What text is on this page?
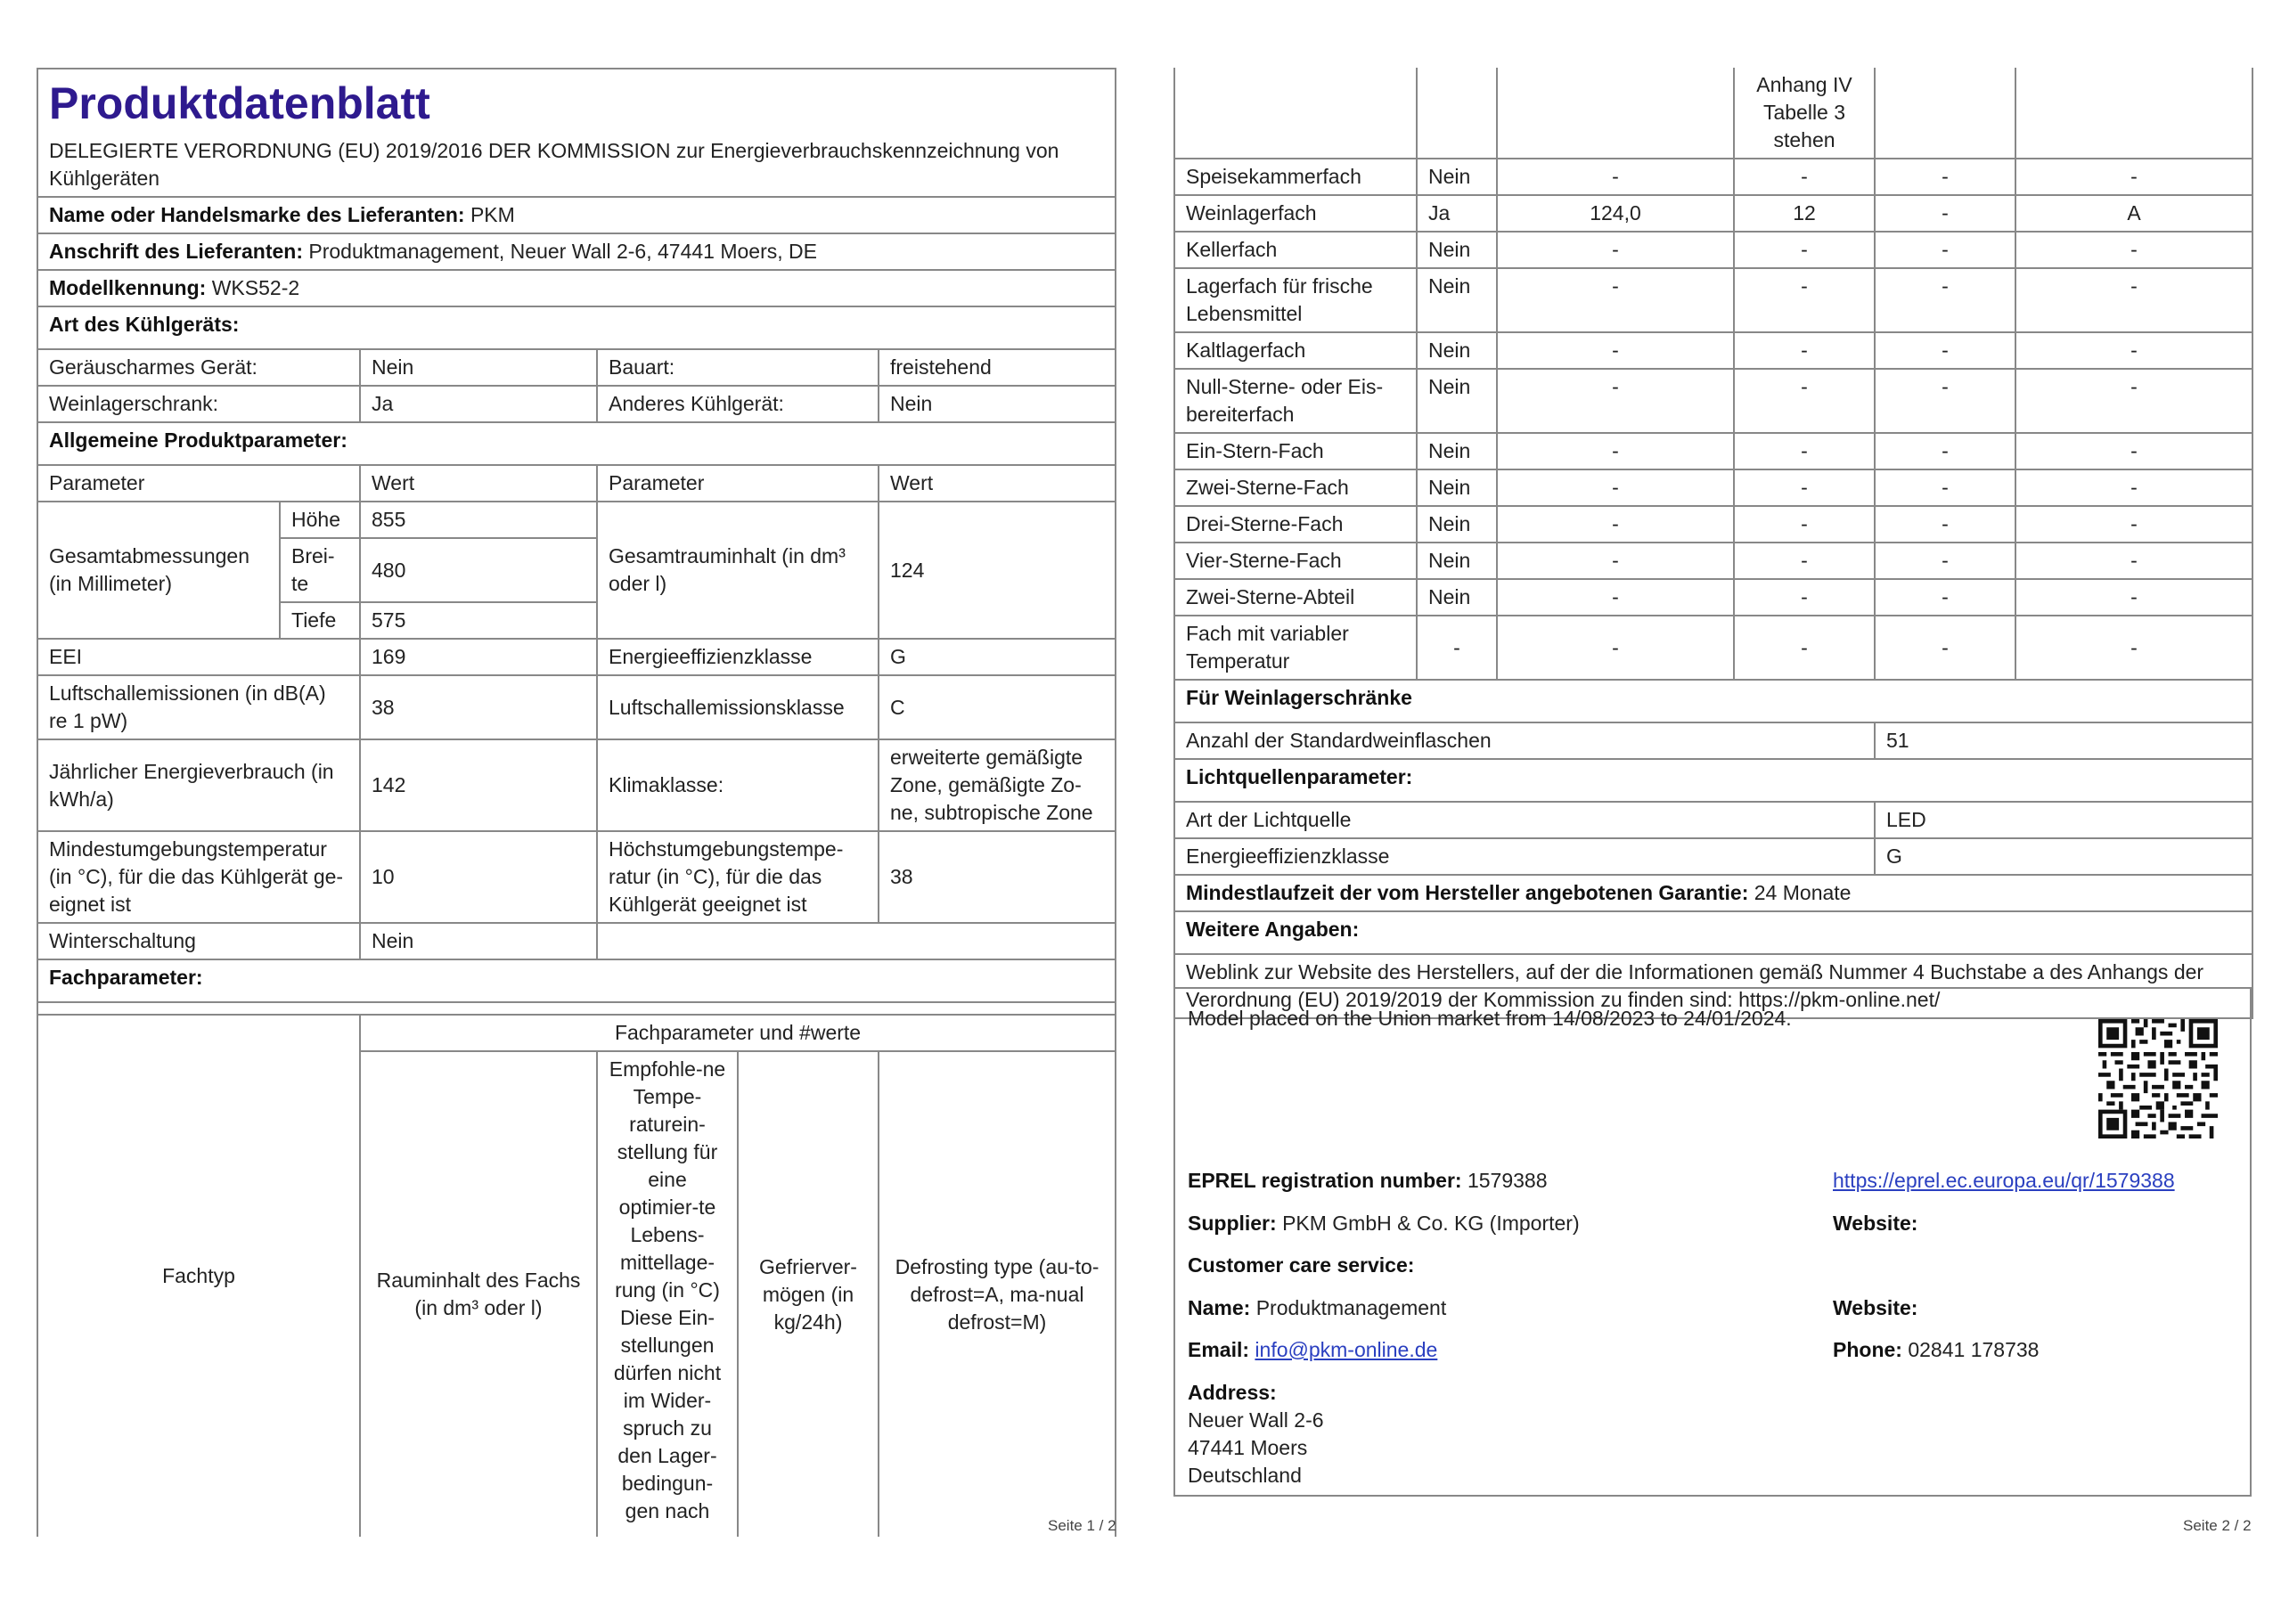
Produktdatenblatt
DELEGIERTE VERORDNUNG (EU) 2019/2016 DER KOMMISSION zur Energieverbrauchskennzeichnung von Kühlgeräten				

Name oder Handelsmarke des Lieferanten: PKM				
Anschrift des Lieferanten: Produktmanagement, Neuer Wall 2-6, 47441 Moers, DE				
Modellkennung: WKS52-2				
Art des Kühlgeräts:				
Geräuscharmes Gerät:		Nein	Bauart:	freistehend
Weinlagerschrank:		Ja	Anderes Kühlgerät:	Nein
Allgemeine Produktparameter:				
Parameter		Wert	Parameter	Wert
Gesamtabmessungen (in Millimeter)	Höhe	855	Gesamtrauminhalt (in dm³ oder l)	124
	Brei-te	480		
	Tiefe	575		
EEI		169	Energieeffizienzklasse	G
Luftschallemissionen (in dB(A) re 1 pW)		38	Luftschallemissionsklasse	C
Jährlicher Energieverbrauch (in kWh/a)		142	Klimaklasse:	erweiterte gemäßigte Zone, gemäßigte Zo-ne, subtropische Zone
Mindestumgebungstemperatur (in °C), für die das Kühlgerät ge-eignet ist		10	Höchstumgebungstempe-ratur (in °C), für die das Kühlgerät geeignet ist	38
Winterschaltung		Nein		
Fachparameter:				

Fachtyp	Fachparameter und #werte			
	Rauminhalt des Fachs (in dm³ oder l)	Empfohle-ne Tempe-raturein-stellung für eine optimier-te Lebens-mittellage-rung (in °C) Diese Ein-stellungen dürfen nicht im Wider-spruch zu den Lager-bedingun-gen nach	Gefrierver-mögen (in kg/24h)	Defrosting type (au-to-defrost=A, ma-nual defrost=M)
Seite 1 / 2
			Anhang IV Tabelle 3 stehen		
Speisekammerfach	Nein	-	-	-	-
Weinlagerfach	Ja	124,0	12	-	A
Kellerfach	Nein	-	-	-	-
Lagerfach für frische Lebensmittel	Nein	-	-	-	-
Kaltlagerfach	Nein	-	-	-	-
Null-Sterne- oder Eis-bereiterfach	Nein	-	-	-	-
Ein-Stern-Fach	Nein	-	-	-	-
Zwei-Sterne-Fach	Nein	-	-	-	-
Drei-Sterne-Fach	Nein	-	-	-	-
Vier-Sterne-Fach	Nein	-	-	-	-
Zwei-Sterne-Abteil	Nein	-	-	-	-
Fach mit variabler Temperatur	-	-	-	-	-
Für Weinlagerschränke					
Anzahl der Standardweinflaschen				51	
Lichtquellenparameter:					
Art der Lichtquelle				LED	
Energieeffizienzklasse				G	
Mindestlaufzeit der vom Hersteller angebotenen Garantie: 24 Monate					
Weitere Angaben:					
Weblink zur Website des Herstellers, auf der die Informationen gemäß Nummer 4 Buchstabe a des Anhangs der Verordnung (EU) 2019/2019 der Kommission zu finden sind: https://pkm-online.net/					
Model placed on the Union market from 14/08/2023 to 24/01/2024.
EPREL registration number: 1579388	https://eprel.ec.europa.eu/qr/1579388
Supplier: PKM GmbH & Co. KG (Importer)	Website:
Customer care service:
Name: Produktmanagement	Website:
Email: info@pkm-online.de	Phone: 02841 178738
Address:
Neuer Wall 2-6
47441 Moers
Deutschland
Seite 2 / 2
